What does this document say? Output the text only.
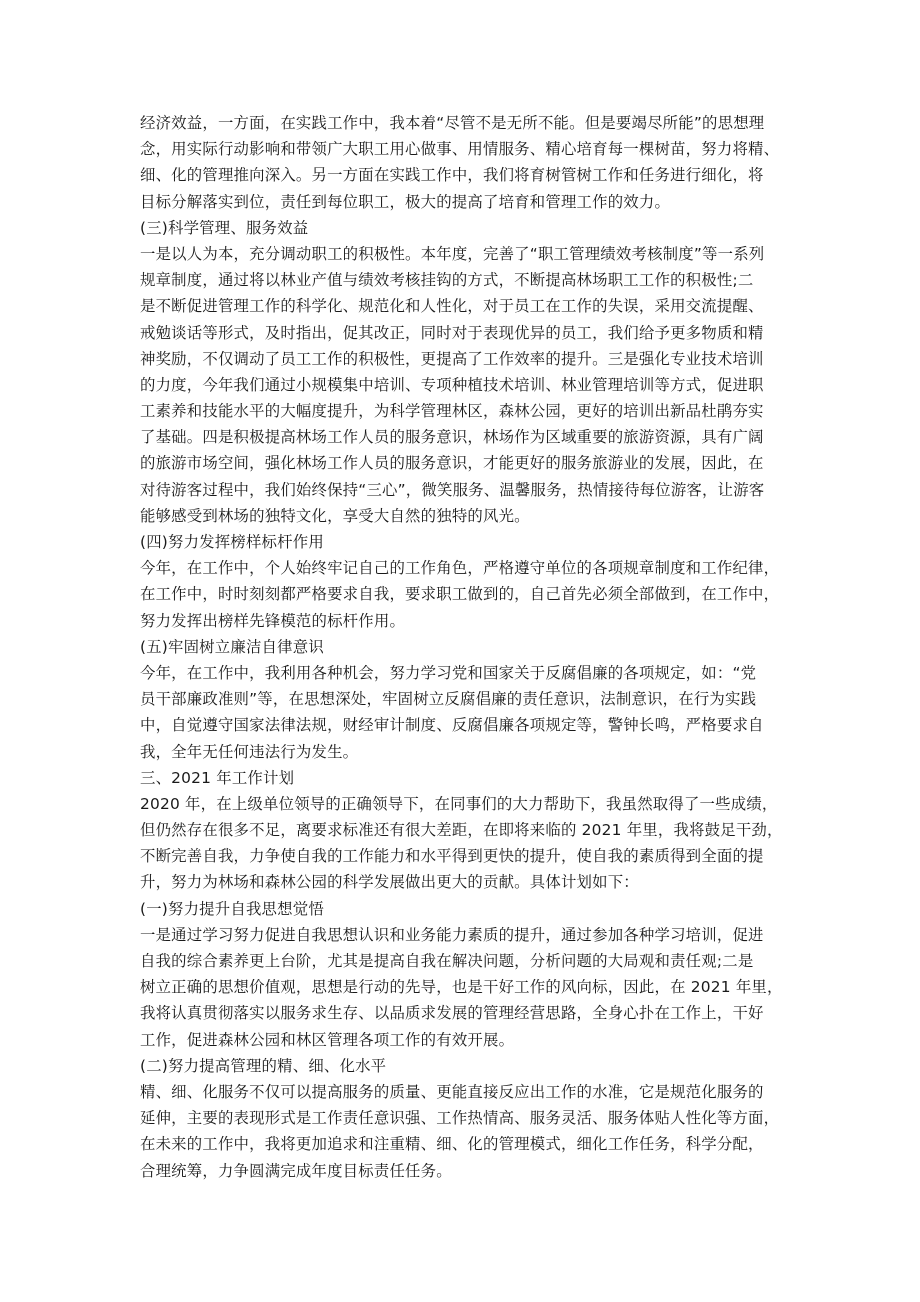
经济效益，一方面，在实践工作中，我本着“尽管不是无所不能。但是要竭尽所能”的思想理
念，用实际行动影响和带领广大职工用心做事、用情服务、精心培育每一棵树苗，努力将精、
细、化的管理推向深入。另一方面在实践工作中，我们将育树管树工作和任务进行细化，将
目标分解落实到位，责任到每位职工，极大的提高了培育和管理工作的效力。
(三)科学管理、服务效益
一是以人为本，充分调动职工的积极性。本年度，完善了“职工管理绩效考核制度”等一系列
规章制度，通过将以林业产值与绩效考核挂钩的方式，不断提高林场职工工作的积极性;二
是不断促进管理工作的科学化、规范化和人性化，对于员工在工作的失误，采用交流提醒、
戒勉谈话等形式，及时指出，促其改正，同时对于表现优异的员工，我们给予更多物质和精
神奖励，不仅调动了员工工作的积极性，更提高了工作效率的提升。三是强化专业技术培训
的力度，今年我们通过小规模集中培训、专项种植技术培训、林业管理培训等方式，促进职
工素养和技能水平的大幅度提升，为科学管理林区，森林公园，更好的培训出新品杜鹃夯实
了基础。四是积极提高林场工作人员的服务意识，林场作为区域重要的旅游资源，具有广阔
的旅游市场空间，强化林场工作人员的服务意识，才能更好的服务旅游业的发展，因此，在
对待游客过程中，我们始终保持“三心”，微笑服务、温馨服务，热情接待每位游客，让游客
能够感受到林场的独特文化，享受大自然的独特的风光。
(四)努力发挥榜样标杆作用
今年，在工作中，个人始终牢记自己的工作角色，严格遵守单位的各项规章制度和工作纪律，
在工作中，时时刻刻都严格要求自我，要求职工做到的，自己首先必须全部做到，在工作中，
努力发挥出榜样先锋模范的标杆作用。
(五)牢固树立廉洁自律意识
今年，在工作中，我利用各种机会，努力学习党和国家关于反腐倡廉的各项规定，如：“党
员干部廉政准则”等，在思想深处，牢固树立反腐倡廉的责任意识，法制意识，在行为实践
中，自觉遵守国家法律法规，财经审计制度、反腐倡廉各项规定等，警钟长鸣，严格要求自
我，全年无任何违法行为发生。
三、2021 年工作计划
2020 年，在上级单位领导的正确领导下，在同事们的大力帮助下，我虽然取得了一些成绩，
但仍然存在很多不足，离要求标准还有很大差距，在即将来临的 2021 年里，我将鼓足干劲，
不断完善自我，力争使自我的工作能力和水平得到更快的提升，使自我的素质得到全面的提
升，努力为林场和森林公园的科学发展做出更大的贡献。具体计划如下：
(一)努力提升自我思想觉悟
一是通过学习努力促进自我思想认识和业务能力素质的提升，通过参加各种学习培训，促进
自我的综合素养更上台阶，尤其是提高自我在解决问题，分析问题的大局观和责任观;二是
树立正确的思想价值观，思想是行动的先导，也是干好工作的风向标，因此，在 2021 年里，
我将认真贯彻落实以服务求生存、以品质求发展的管理经营思路，全身心扑在工作上，干好
工作，促进森林公园和林区管理各项工作的有效开展。
(二)努力提高管理的精、细、化水平
精、细、化服务不仅可以提高服务的质量、更能直接反应出工作的水准，它是规范化服务的
延伸，主要的表现形式是工作责任意识强、工作热情高、服务灵活、服务体贴人性化等方面，
在未来的工作中，我将更加追求和注重精、细、化的管理模式，细化工作任务，科学分配，
合理统筹，力争圆满完成年度目标责任任务。
